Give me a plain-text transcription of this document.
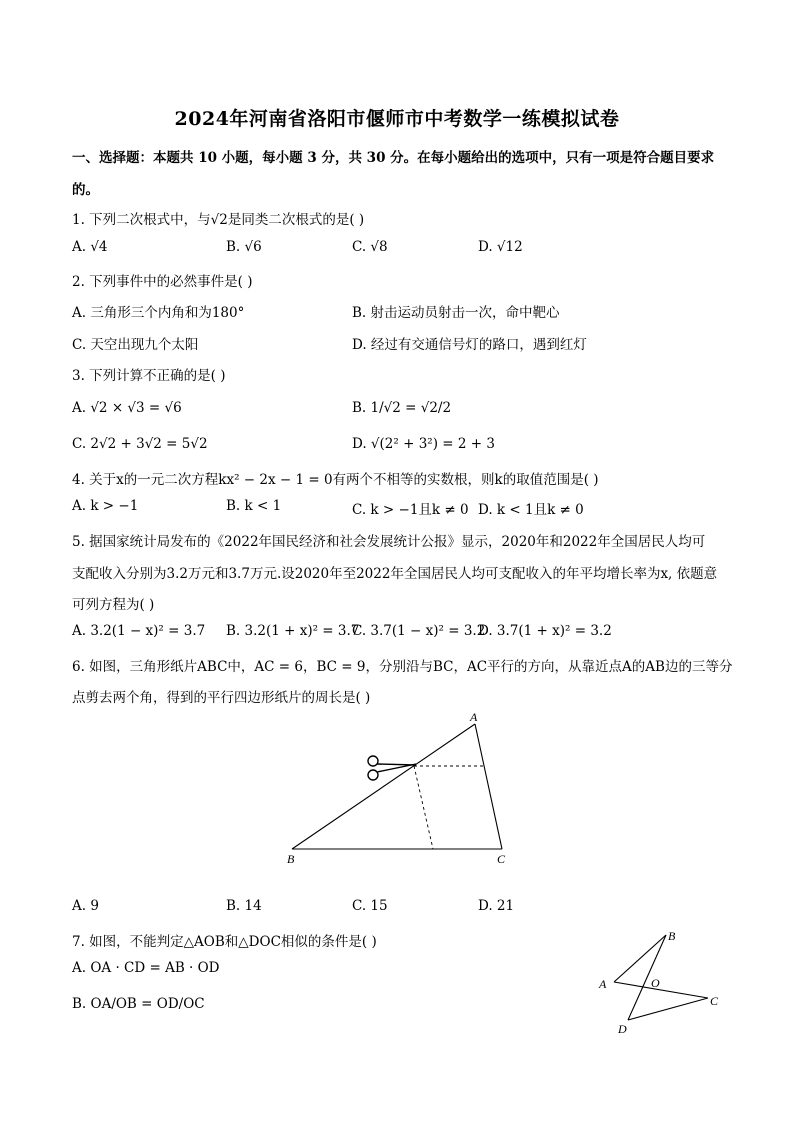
2024年河南省洛阳市偃师市中考数学一练模拟试卷
一、选择题：本题共 10 小题，每小题 3 分，共 30 分。在每小题给出的选项中，只有一项是符合题目要求
的。
1. 下列二次根式中，与√2是同类二次根式的是( )
A. √4	B. √6	C. √8	D. √12
2. 下列事件中的必然事件是( )
A. 三角形三个内角和为180°	B. 射击运动员射击一次，命中靶心
C. 天空出现九个太阳	D. 经过有交通信号灯的路口，遇到红灯
3. 下列计算不正确的是( )
A. √2 × √3 = √6	B. 1/√2 = √2/2
C. 2√2 + 3√2 = 5√2	D. √(2² + 3²) = 2 + 3
4. 关于x的一元二次方程kx² − 2x − 1 = 0有两个不相等的实数根，则k的取值范围是( )
A. k > −1	B. k < 1	C. k > −1且k ≠ 0 D. k < 1且k ≠ 0
5. 据国家统计局发布的《2022年国民经济和社会发展统计公报》显示，2020年和2022年全国居民人均可
支配收入分别为3.2万元和3.7万元.设2020年至2022年全国居民人均可支配收入的年平均增长率为x, 依题意
可列方程为( )
A. 3.2(1 − x)² = 3.7 B. 3.2(1 + x)² = 3.7
C. 3.7(1 − x)² = 3.2
D. 3.7(1 + x)² = 3.2
6. 如图，三角形纸片ABC中，AC = 6，BC = 9，分别沿与BC，AC平行的方向，从靠近点A的AB边的三等分
点剪去两个角，得到的平行四边形纸片的周长是( )
A
B	C
A. 9	B. 14	C. 15	D. 21
7. 如图，不能判定△AOB和△DOC相似的条件是( )
A. OA · CD = AB · OD
B. OA/OB = OD/OC
B
A	O
C
D
